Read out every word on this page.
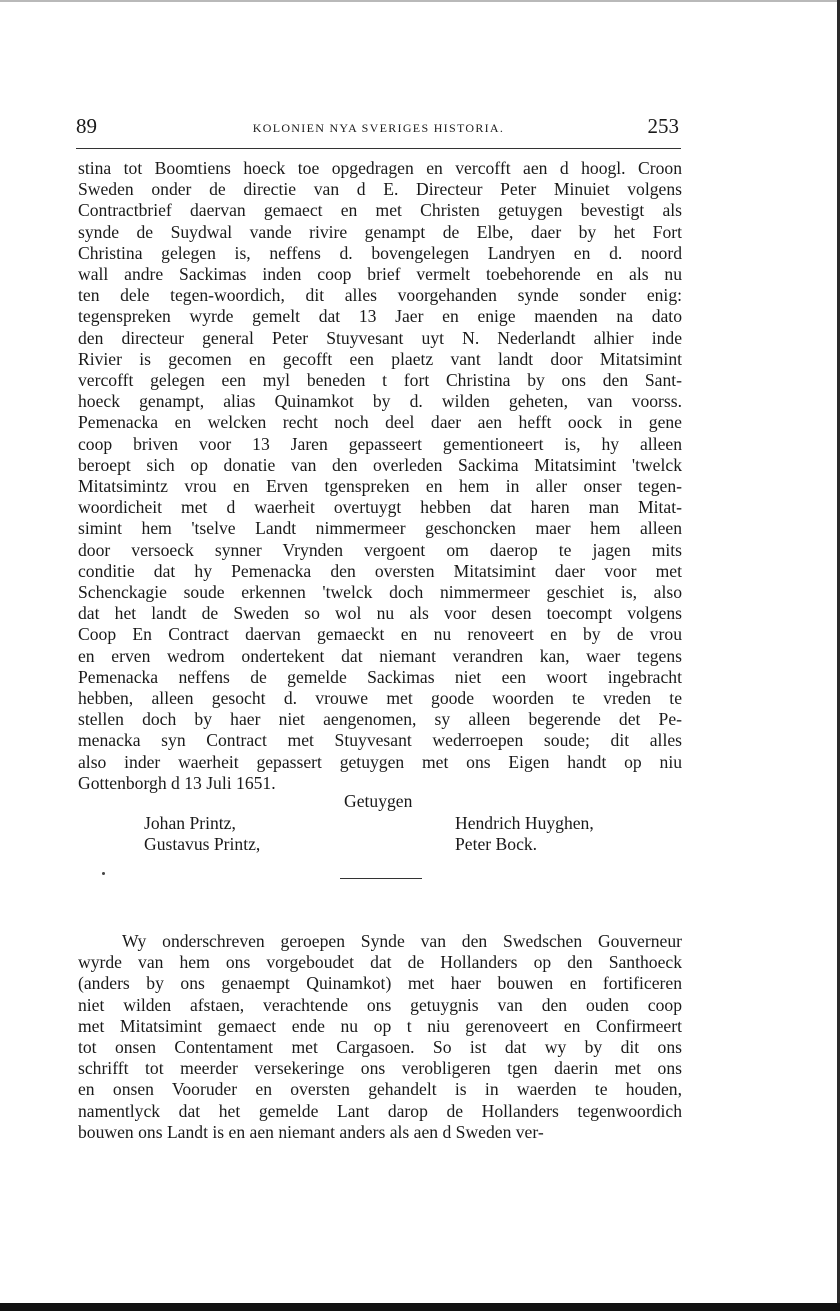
89	KOLONIEN NYA SVERIGES HISTORIA.	253
stina tot Boomtiens hoeck toe opgedragen en vercofft aen d hoogl. Croon
Sweden onder de directie van d E. Directeur Peter Minuiet volgens
Contractbrief daervan gemaect en met Christen getuygen bevestigt als
synde de Suydwal vande rivire genampt de Elbe, daer by het Fort
Christina gelegen is, neffens d. bovengelegen Landryen en d. noord
wall andre Sackimas inden coop brief vermelt toebehorende en als nu
ten dele tegen-woordich, dit alles voorgehanden synde sonder enig:
tegenspreken wyrde gemelt dat 13 Jaer en enige maenden na dato
den directeur general Peter Stuyvesant uyt N. Nederlandt alhier inde
Rivier is gecomen en gecofft een plaetz vant landt door Mitatsimint
vercofft gelegen een myl beneden t fort Christina by ons den Sant-
hoeck genampt, alias Quinamkot by d. wilden geheten, van voorss.
Pemenacka en welcken recht noch deel daer aen hefft oock in gene
coop briven voor 13 Jaren gepasseert gementioneert is, hy alleen
beroept sich op donatie van den overleden Sackima Mitatsimint 'twelck
Mitatsimintz vrou en Erven tgenspreken en hem in aller onser tegen-
woordicheit met d waerheit overtuygt hebben dat haren man Mitat-
simint hem 'tselve Landt nimmermeer geschoncken maer hem alleen
door versoeck synner Vrynden vergoent om daerop te jagen mits
conditie dat hy Pemenacka den oversten Mitatsimint daer voor met
Schenckagie soude erkennen 'twelck doch nimmermeer geschiet is, also
dat het landt de Sweden so wol nu als voor desen toecompt volgens
Coop En Contract daervan gemaeckt en nu renoveert en by de vrou
en erven wedrom ondertekent dat niemant verandren kan, waer tegens
Pemenacka neffens de gemelde Sackimas niet een woort ingebracht
hebben, alleen gesocht d. vrouwe met goode woorden te vreden te
stellen doch by haer niet aengenomen, sy alleen begerende det Pe-
menacka syn Contract met Stuyvesant wederroepen soude; dit alles
also inder waerheit gepassert getuygen met ons Eigen handt op niu
Gottenborgh d 13 Juli 1651.
Getuygen
Johan Printz,
Gustavus Printz,
Hendrich Huyghen,
Peter Bock.
Wy onderschreven geroepen Synde van den Swedschen Gouverneur
wyrde van hem ons vorgeboudet dat de Hollanders op den Santhoeck
(anders by ons genaempt Quinamkot) met haer bouwen en fortificeren
niet wilden afstaen, verachtende ons getuygnis van den ouden coop
met Mitatsimint gemaect ende nu op t niu gerenoveert en Confirmeert
tot onsen Contentament met Cargasoen. So ist dat wy by dit ons
schrifft tot meerder versekeringe ons verobligeren tgen daerin met ons
en onsen Vooruder en oversten gehandelt is in waerden te houden,
namentlyck dat het gemelde Lant darop de Hollanders tegenwoordich
bouwen ons Landt is en aen niemant anders als aen d Sweden ver-
